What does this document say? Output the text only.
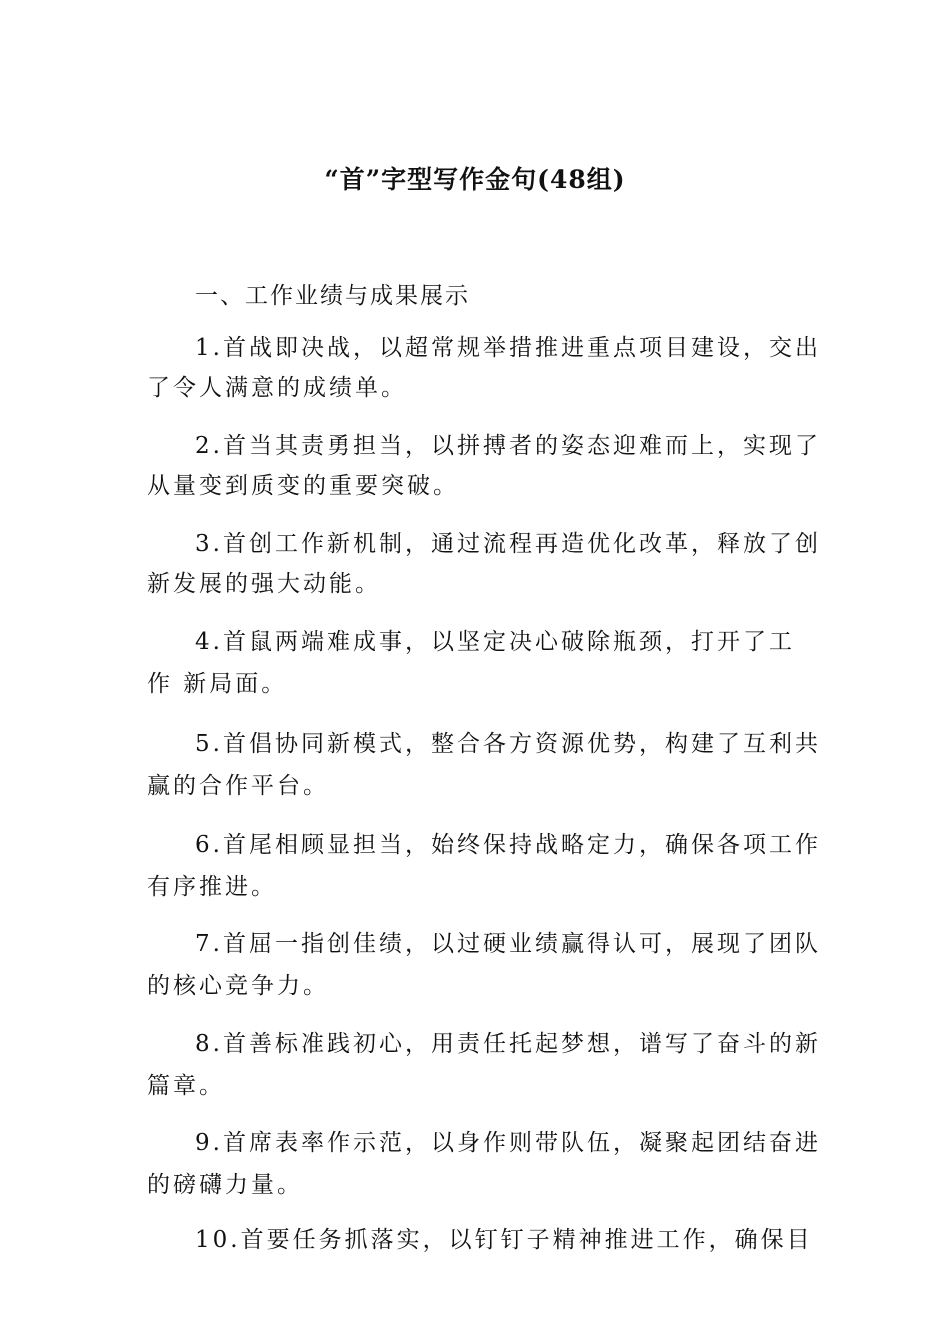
“首”字型写作金句(48组)
一、工作业绩与成果展示
1.首战即决战，以超常规举措推进重点项目建设，交出
了令人满意的成绩单。
2.首当其责勇担当，以拼搏者的姿态迎难而上，实现了
从量变到质变的重要突破。
3.首创工作新机制，通过流程再造优化改革，释放了创
新发展的强大动能。
4.首鼠两端难成事，以坚定决心破除瓶颈，打开了工
作 新局面。
5.首倡协同新模式，整合各方资源优势，构建了互利共
赢的合作平台。
6.首尾相顾显担当，始终保持战略定力，确保各项工作
有序推进。
7.首屈一指创佳绩，以过硬业绩赢得认可，展现了团队
的核心竞争力。
8.首善标准践初心，用责任托起梦想，谱写了奋斗的新
篇章。
9.首席表率作示范，以身作则带队伍，凝聚起团结奋进
的磅礴力量。
10.首要任务抓落实，以钉钉子精神推进工作，确保目
